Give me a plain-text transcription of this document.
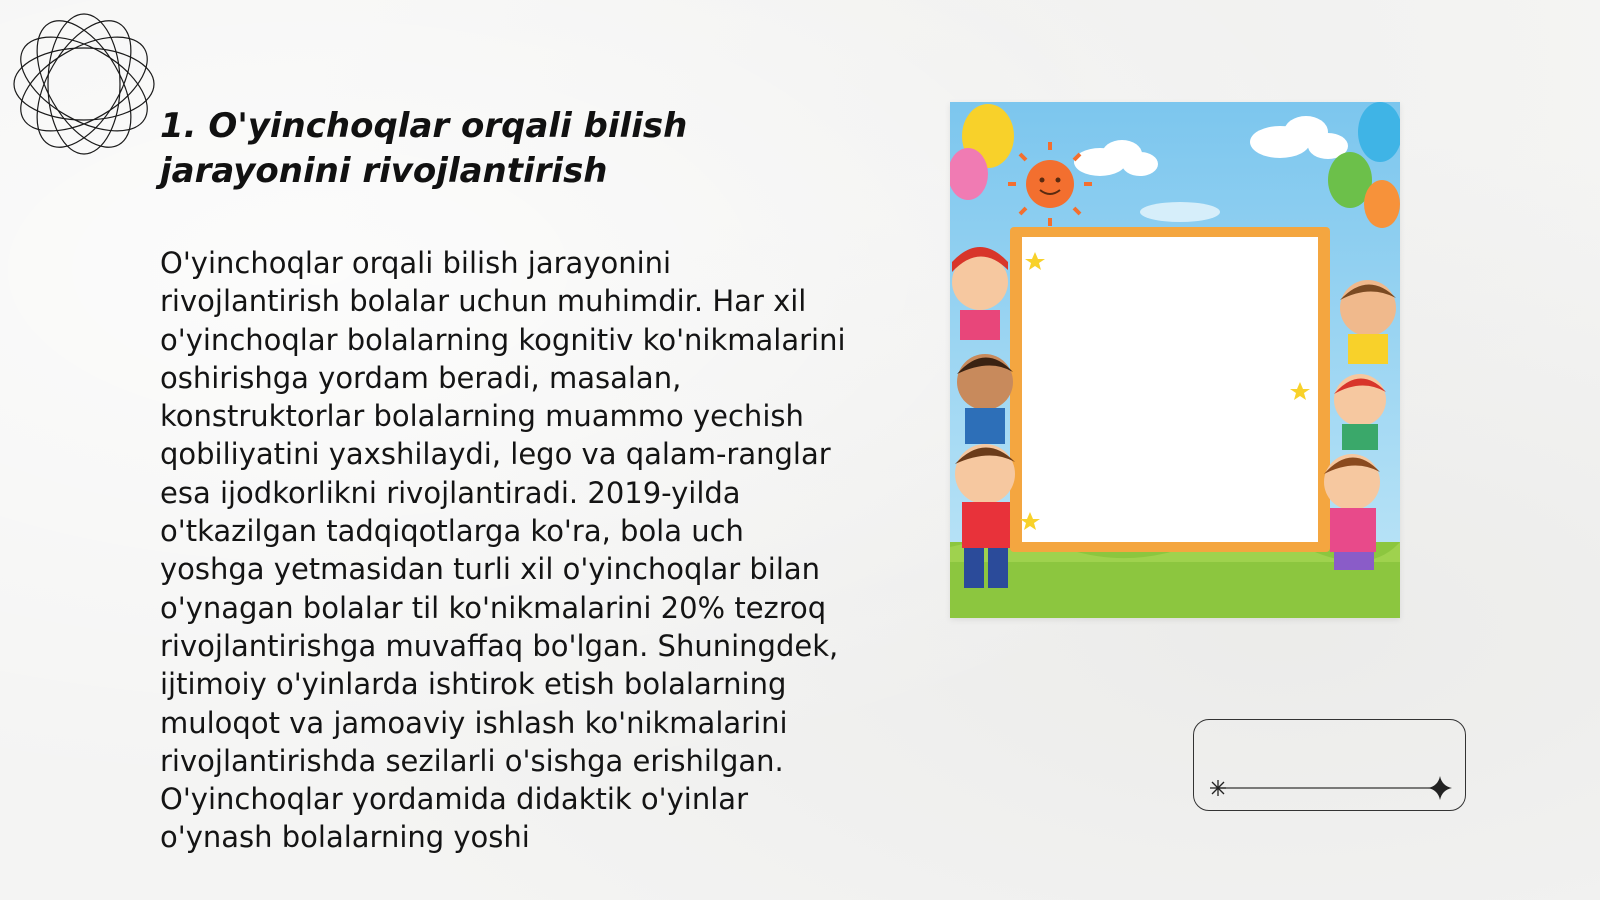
1. O'yinchoqlar orqali bilish jarayonini rivojlantirish

O'yinchoqlar orqali bilish jarayonini rivojlantirish bolalar uchun muhimdir. Har xil o'yinchoqlar bolalarning kognitiv ko'nikmalarini oshirishga yordam beradi, masalan, konstruktorlar bolalarning muammo yechish qobiliyatini yaxshilaydi, lego va qalam-ranglar esa ijodkorlikni rivojlantiradi. 2019-yilda o'tkazilgan tadqiqotlarga ko'ra, bola uch yoshga yetmasidan turli xil o'yinchoqlar bilan o'ynagan bolalar til ko'nikmalarini 20% tezroq rivojlantirishga muvaffaq bo'lgan. Shuningdek, ijtimoiy o'yinlarda ishtirok etish bolalarning muloqot va jamoaviy ishlash ko'nikmalarini rivojlantirishda sezilarli o'sishga erishilgan. O'yinchoqlar yordamida didaktik o'yinlar o'ynash bolalarning yoshi
